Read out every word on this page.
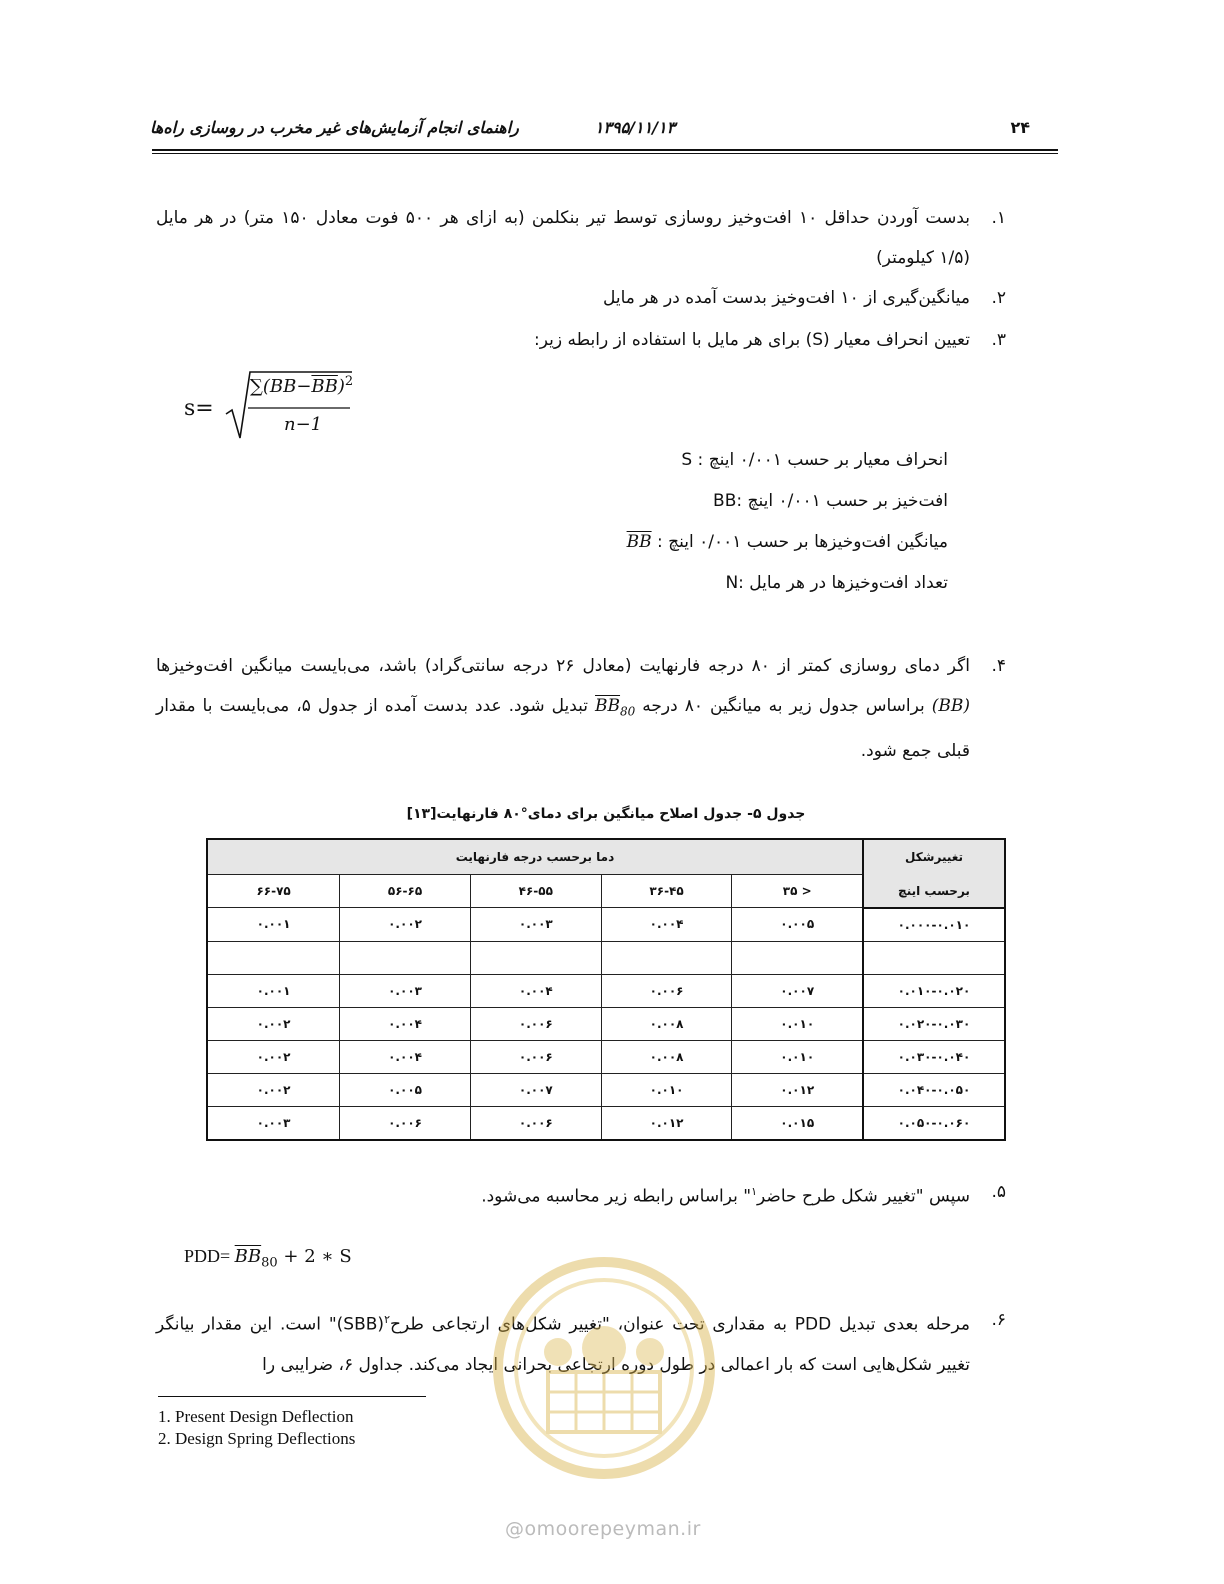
۲۴
۱۳۹۵/۱۱/۱۳
راهنمای انجام آزمایش‌های غیر مخرب در روسازی راه‌ها
۱.
بدست آوردن حداقل ۱۰ افت‌وخیز روسازی توسط تیر بنکلمن (به ازای هر ۵۰۰ فوت معادل ۱۵۰ متر) در هر مایل (۱/۵ کیلومتر)
۲.
میانگین‌گیری از ۱۰ افت‌وخیز بدست آمده در هر مایل
۳.
تعیین انحراف معیار (S) برای هر مایل با استفاده از رابطه زیر:
s=
$\sum(BB-\overline{BB})^2$
n−1
S : انحراف معیار بر حسب ۰/۰۰۱ اینچ
BB: افت‌خیز بر حسب ۰/۰۰۱ اینچ
BB : میانگین افت‌وخیزها بر حسب ۰/۰۰۱ اینچ
N: تعداد افت‌وخیزها در هر مایل
۴.
اگر دمای روسازی کمتر از ۸۰ درجه فارنهایت (معادل ۲۶ درجه سانتی‌گراد) باشد، می‌بایست میانگین افت‌وخیزها (BB) براساس جدول زیر به میانگین ۸۰ درجه $BB_{80}$ تبدیل شود. عدد بدست آمده از جدول ۵، می‌بایست با مقدار قبلی جمع شود.
جدول ۵- جدول اصلاح میانگین برای دمای°۸۰ فارنهایت[۱۳]
تغییرشکل	دما برحسب درجه فارنهایت				
برحسب اینچ	< ۳۵	۳۶-۴۵	۴۶-۵۵	۵۶-۶۵	۶۶-۷۵
۰.۰۰۰-۰.۰۱۰	۰.۰۰۵	۰.۰۰۴	۰.۰۰۳	۰.۰۰۲	۰.۰۰۱

۰.۰۱۰-۰.۰۲۰	۰.۰۰۷	۰.۰۰۶	۰.۰۰۴	۰.۰۰۳	۰.۰۰۱
۰.۰۲۰-۰.۰۳۰	۰.۰۱۰	۰.۰۰۸	۰.۰۰۶	۰.۰۰۴	۰.۰۰۲
۰.۰۳۰-۰.۰۴۰	۰.۰۱۰	۰.۰۰۸	۰.۰۰۶	۰.۰۰۴	۰.۰۰۲
۰.۰۴۰-۰.۰۵۰	۰.۰۱۲	۰.۰۱۰	۰.۰۰۷	۰.۰۰۵	۰.۰۰۲
۰.۰۵۰-۰.۰۶۰	۰.۰۱۵	۰.۰۱۲	۰.۰۰۶	۰.۰۰۶	۰.۰۰۳
۵.
سپس "تغییر شکل طرح حاضر$^۱$" براساس رابطه زیر محاسبه می‌شود.
$PDD= \overline{BB}_{80} + 2$ ∗ S
۶.
مرحله بعدی تبدیل PDD به مقداری تحت عنوان، "تغییر شکل‌های ارتجاعی طرح$^۲$(SBB)" است. این مقدار بیانگر تغییر شکل‌هایی است که بار اعمالی در طول دوره ارتجاعی بحرانی ایجاد می‌کند. جداول ۶، ضرایبی را
1. Present Design Deflection
2. Design Spring Deflections
@omoorepeyman.ir
